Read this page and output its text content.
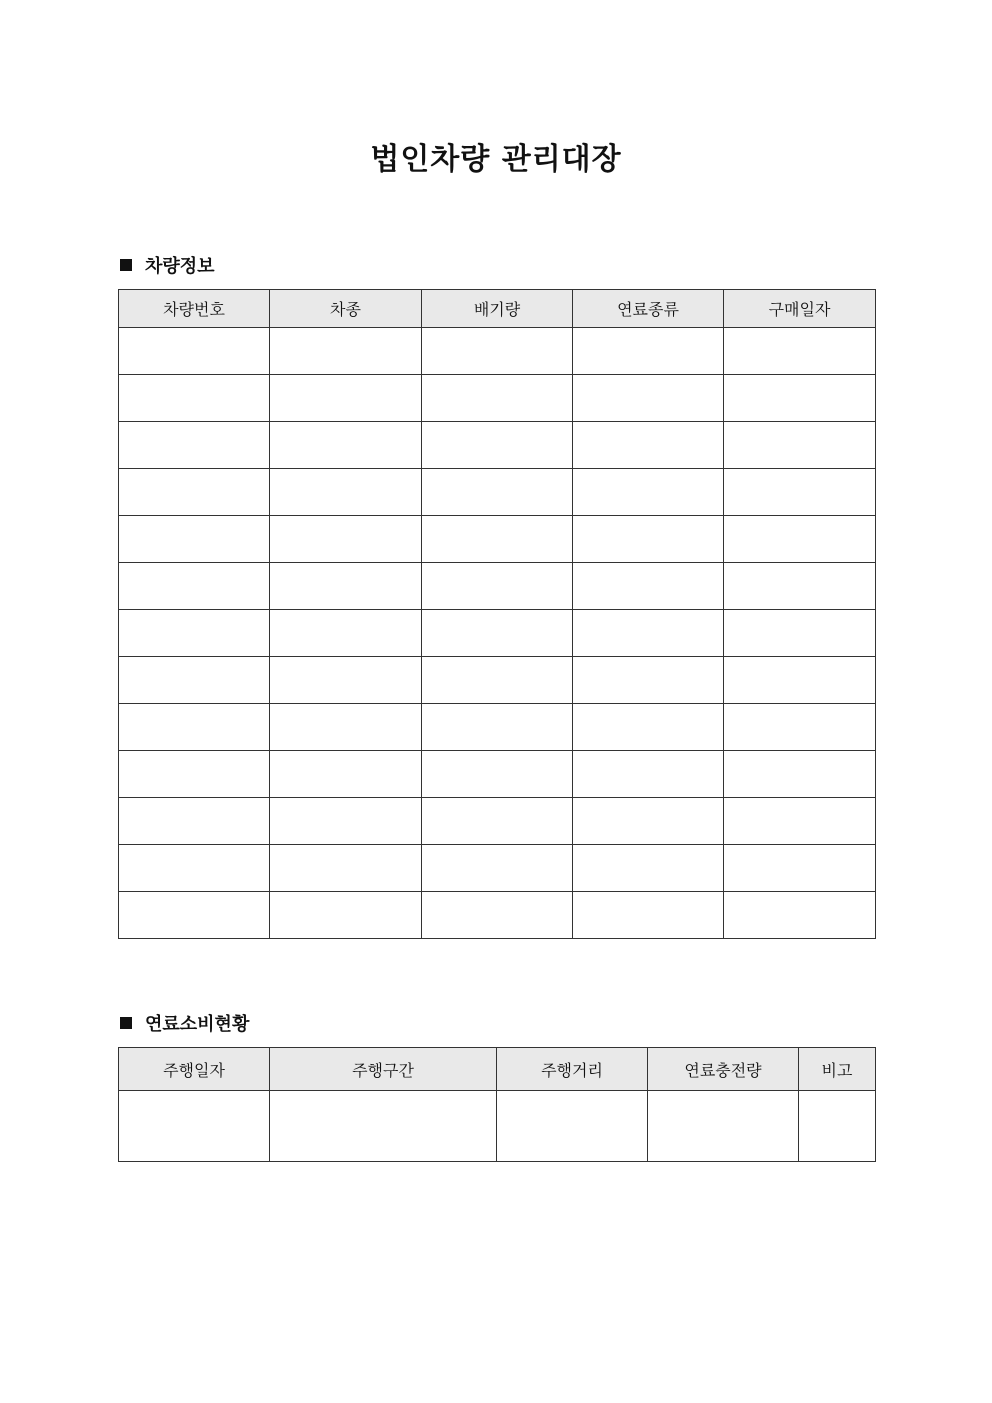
법인차량 관리대장
차량정보
차량번호	차종	배기량	연료종류	구매일자

연료소비현황
주행일자	주행구간	주행거리	연료충전량	비고
